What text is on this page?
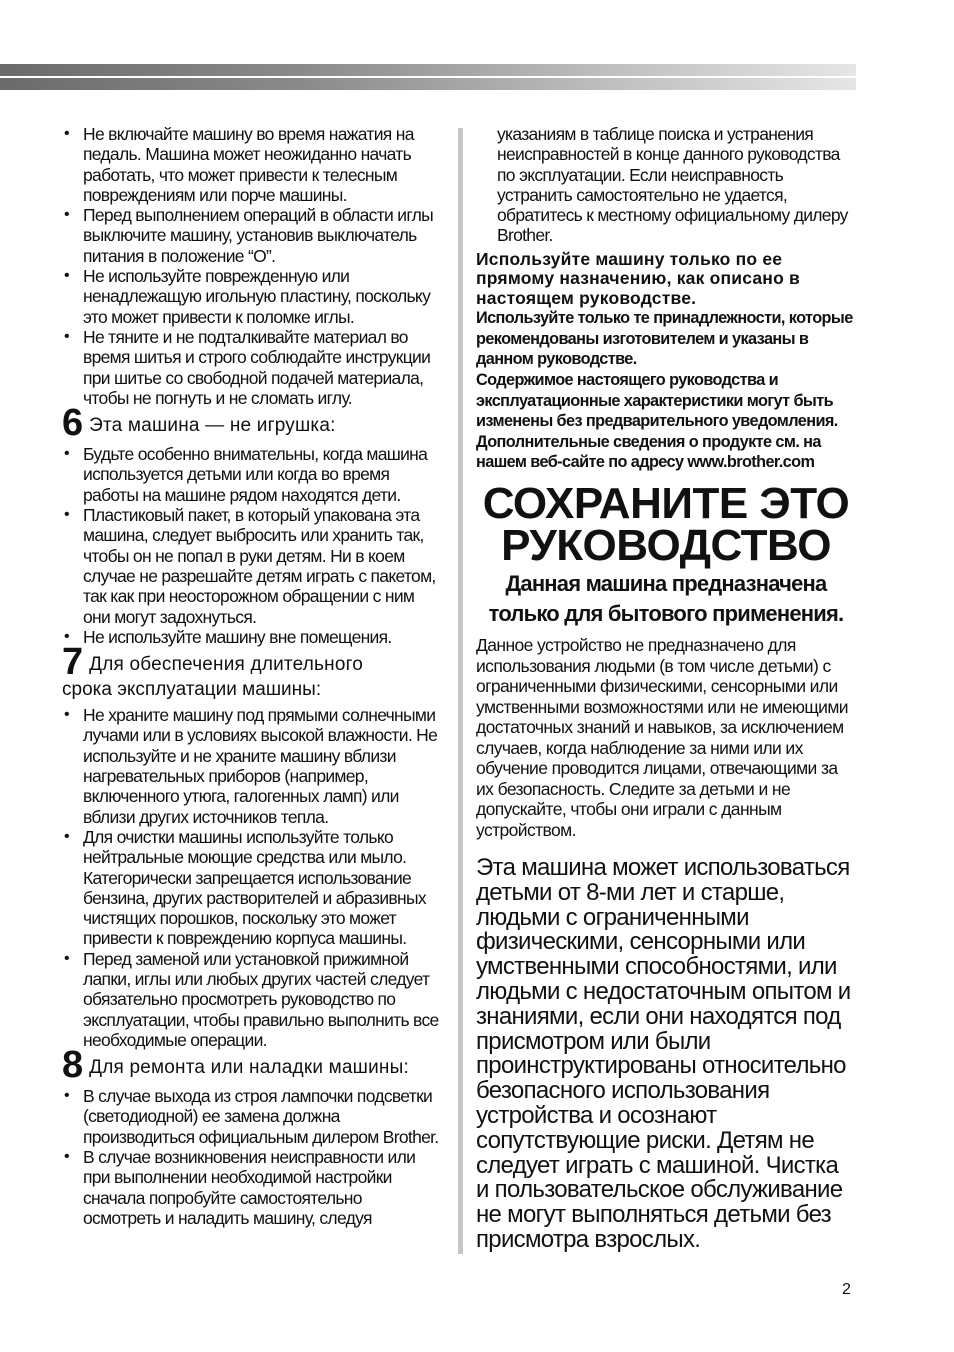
• Не включайте машину во время нажатия на педаль. Машина может неожиданно начать работать, что может привести к телесным повреждениям или порче машины.
• Перед выполнением операций в области иглы выключите машину, установив выключатель питания в положение “O”.
• Не используйте поврежденную или ненадлежащую игольную пластину, поскольку это может привести к поломке иглы.
• Не тяните и не подталкивайте материал во время шитья и строго соблюдайте инструкции при шитье со свободной подачей материала, чтобы не погнуть и не сломать иглу.
6 Эта машина — не игрушка:
• Будьте особенно внимательны, когда машина используется детьми или когда во время работы на машине рядом находятся дети.
• Пластиковый пакет, в который упакована эта машина, следует выбросить или хранить так, чтобы он не попал в руки детям. Ни в коем случае не разрешайте детям играть с пакетом, так как при неосторожном обращении с ним они могут задохнуться.
• Не используйте машину вне помещения.
7 Для обеспечения длительного
срока эксплуатации машины:
• Не храните машину под прямыми солнечными лучами или в условиях высокой влажности. Не используйте и не храните машину вблизи нагревательных приборов (например, включенного утюга, галогенных ламп) или вблизи других источников тепла.
• Для очистки машины используйте только нейтральные моющие средства или мыло. Категорически запрещается использование бензина, других растворителей и абразивных чистящих порошков, поскольку это может привести к повреждению корпуса машины.
• Перед заменой или установкой прижимной лапки, иглы или любых других частей следует обязательно просмотреть руководство по эксплуатации, чтобы правильно выполнить все необходимые операции.
8 Для ремонта или наладки машины:
• В случае выхода из строя лампочки подсветки (светодиодной) ее замена должна производиться официальным дилером Brother.
• В случае возникновения неисправности или при выполнении необходимой настройки сначала попробуйте самостоятельно осмотреть и наладить машину, следуя

указаниям в таблице поиска и устранения неисправностей в конце данного руководства по эксплуатации. Если неисправность устранить самостоятельно не удается, обратитесь к местному официальному дилеру Brother.

Используйте машину только по ее прямому назначению, как описано в настоящем руководстве.

Используйте только те принадлежности, которые рекомендованы изготовителем и указаны в данном руководстве.

Содержимое настоящего руководства и эксплуатационные характеристики могут быть изменены без предварительного уведомления.

Дополнительные сведения о продукте см. на нашем веб-сайте по адресу www.brother.com

СОХРАНИТЕ ЭТО
РУКОВОДСТВО
Данная машина предназначена
только для бытового применения.

Данное устройство не предназначено для использования людьми (в том числе детьми) с ограниченными физическими, сенсорными или умственными возможностями или не имеющими достаточных знаний и навыков, за исключением случаев, когда наблюдение за ними или их обучение проводится лицами, отвечающими за их безопасность. Следите за детьми и не допускайте, чтобы они играли с данным устройством.

Эта машина может использоваться детьми от 8-ми лет и старше, людьми с ограниченными физическими, сенсорными или умственными способностями, или людьми с недостаточным опытом и знаниями, если они находятся под присмотром или были проинструктированы относительно безопасного использования устройства и осознают сопутствующие риски. Детям не следует играть с машиной. Чистка и пользовательское обслуживание не могут выполняться детьми без присмотра взрослых.

2
